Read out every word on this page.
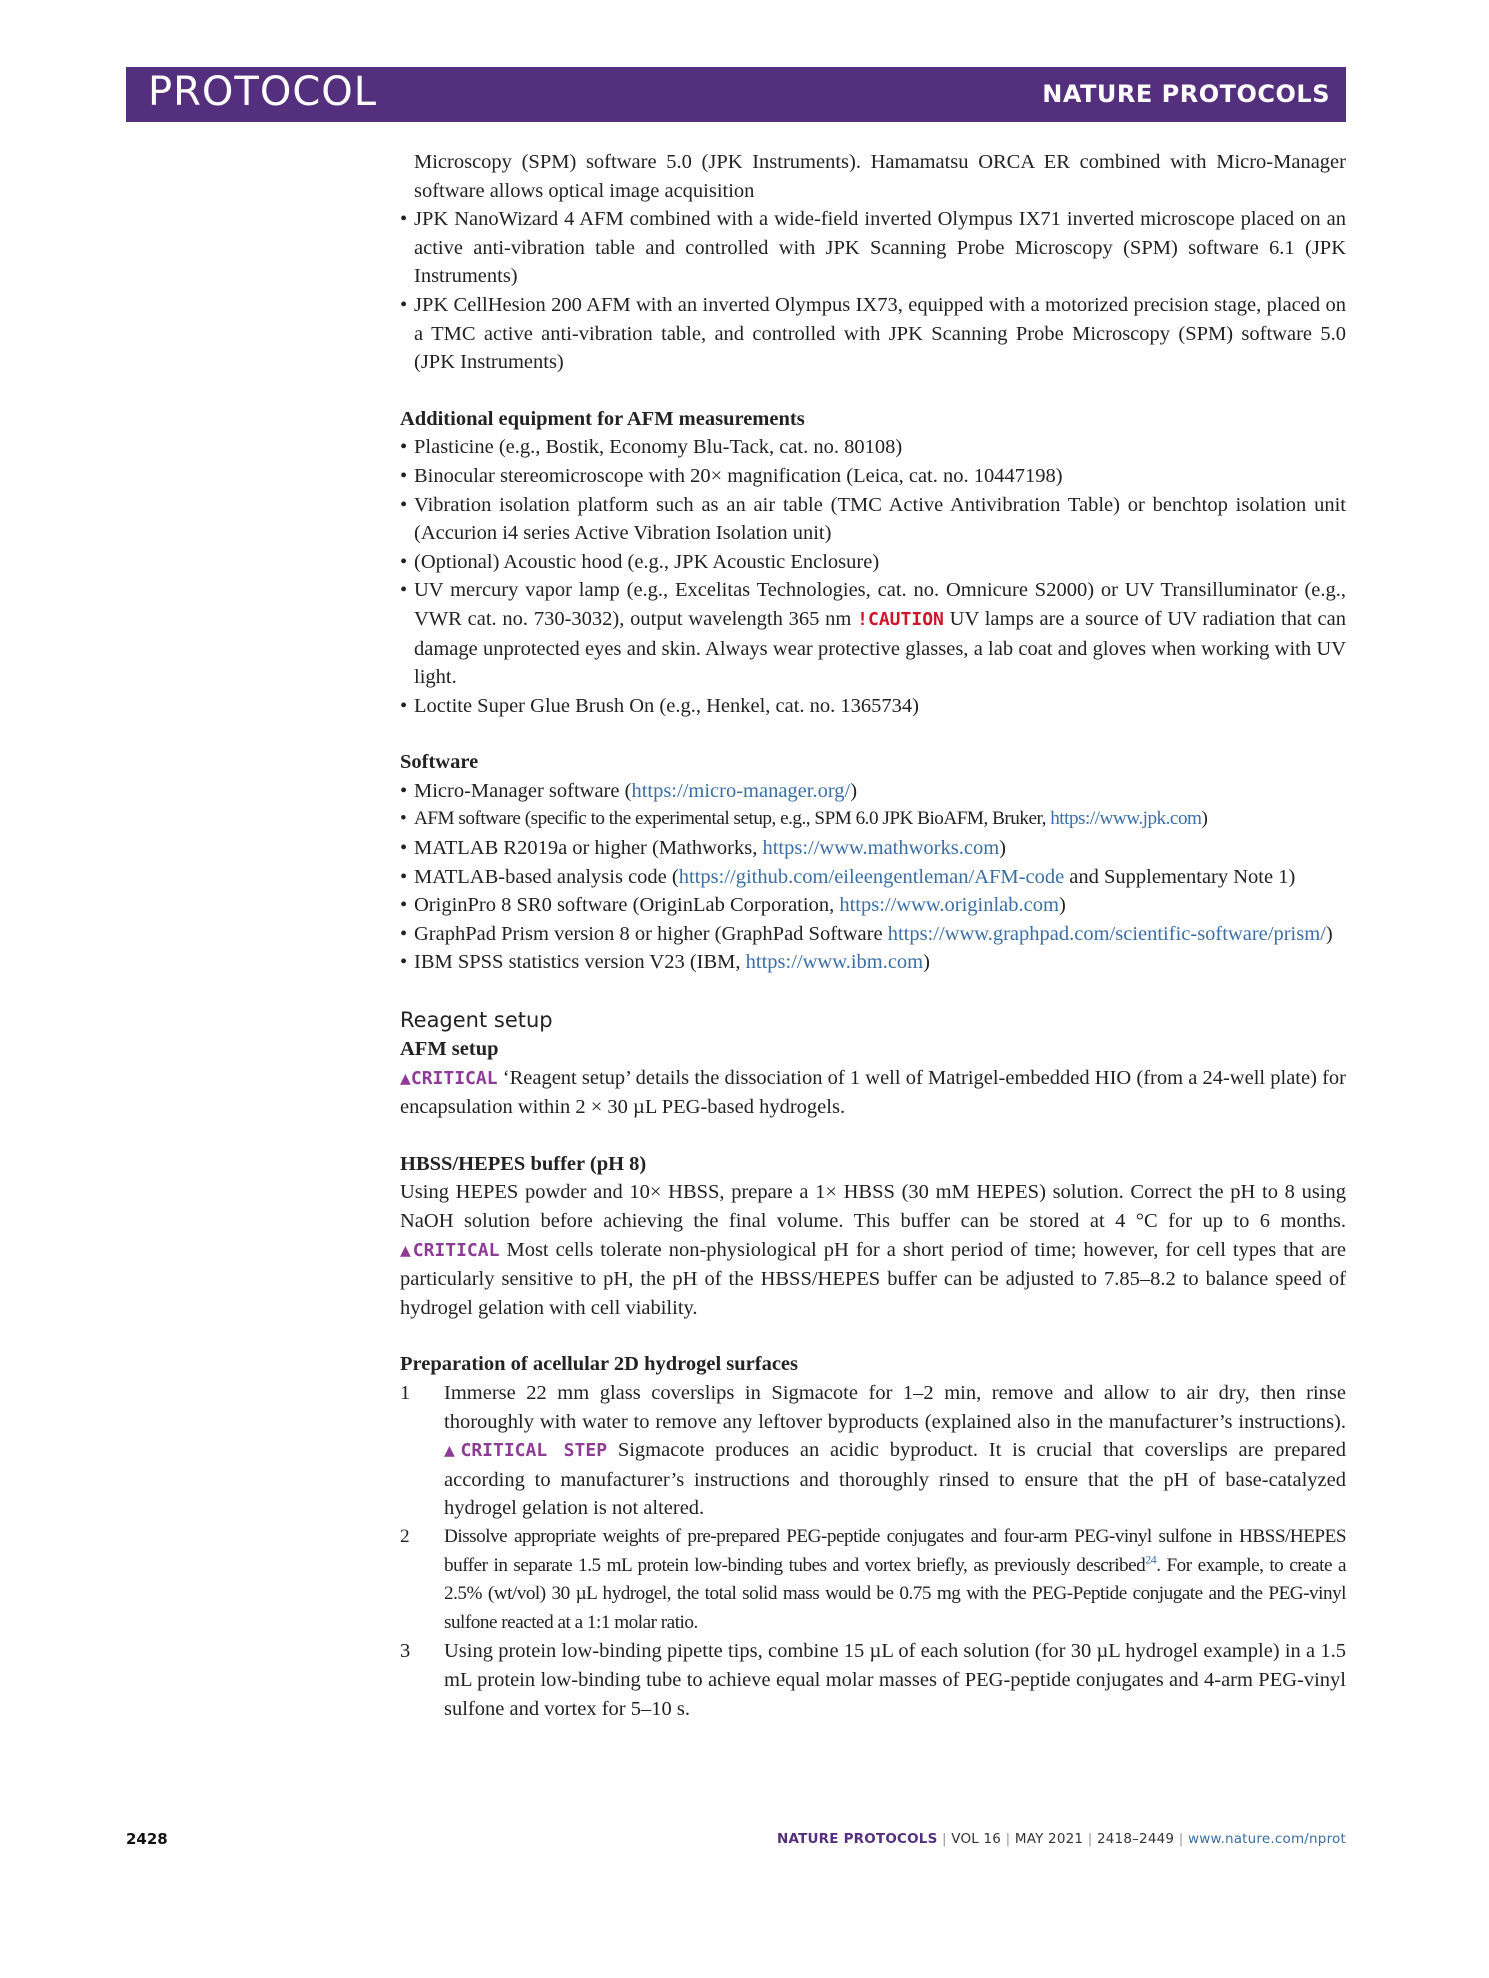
PROTOCOL	NATURE PROTOCOLS

Microscopy (SPM) software 5.0 (JPK Instruments). Hamamatsu ORCA ER combined with Micro-Manager software allows optical image acquisition

• JPK NanoWizard 4 AFM combined with a wide-field inverted Olympus IX71 inverted microscope placed on an active anti-vibration table and controlled with JPK Scanning Probe Microscopy (SPM) software 6.1 (JPK Instruments)

• JPK CellHesion 200 AFM with an inverted Olympus IX73, equipped with a motorized precision stage, placed on a TMC active anti-vibration table, and controlled with JPK Scanning Probe Microscopy (SPM) software 5.0 (JPK Instruments)

Additional equipment for AFM measurements

• Plasticine (e.g., Bostik, Economy Blu-Tack, cat. no. 80108)

• Binocular stereomicroscope with 20× magnification (Leica, cat. no. 10447198)

• Vibration isolation platform such as an air table (TMC Active Antivibration Table) or benchtop isolation unit (Accurion i4 series Active Vibration Isolation unit)

• (Optional) Acoustic hood (e.g., JPK Acoustic Enclosure)

• UV mercury vapor lamp (e.g., Excelitas Technologies, cat. no. Omnicure S2000) or UV Transilluminator (e.g., VWR cat. no. 730-3032), output wavelength 365 nm !CAUTION UV lamps are a source of UV radiation that can damage unprotected eyes and skin. Always wear protective glasses, a lab coat and gloves when working with UV light.

• Loctite Super Glue Brush On (e.g., Henkel, cat. no. 1365734)

Software

• Micro-Manager software (https://micro-manager.org/)

• AFM software (specific to the experimental setup, e.g., SPM 6.0 JPK BioAFM, Bruker, https://www.jpk.com)

• MATLAB R2019a or higher (Mathworks, https://www.mathworks.com)

• MATLAB-based analysis code (https://github.com/eileengentleman/AFM-code and Supplementary Note 1)

• OriginPro 8 SR0 software (OriginLab Corporation, https://www.originlab.com)

• GraphPad Prism version 8 or higher (GraphPad Software https://www.graphpad.com/scientific-software/prism/)

• IBM SPSS statistics version V23 (IBM, https://www.ibm.com)

Reagent setup

AFM setup

▲CRITICAL ‘Reagent setup’ details the dissociation of 1 well of Matrigel-embedded HIO (from a 24-well plate) for encapsulation within 2 × 30 µL PEG-based hydrogels.

HBSS/HEPES buffer (pH 8)

Using HEPES powder and 10× HBSS, prepare a 1× HBSS (30 mM HEPES) solution. Correct the pH to 8 using NaOH solution before achieving the final volume. This buffer can be stored at 4 °C for up to 6 months. ▲CRITICAL Most cells tolerate non-physiological pH for a short period of time; however, for cell types that are particularly sensitive to pH, the pH of the HBSS/HEPES buffer can be adjusted to 7.85–8.2 to balance speed of hydrogel gelation with cell viability.

Preparation of acellular 2D hydrogel surfaces

1 Immerse 22 mm glass coverslips in Sigmacote for 1–2 min, remove and allow to air dry, then rinse thoroughly with water to remove any leftover byproducts (explained also in the manufacturer’s instructions). ▲CRITICAL STEP Sigmacote produces an acidic byproduct. It is crucial that coverslips are prepared according to manufacturer’s instructions and thoroughly rinsed to ensure that the pH of base-catalyzed hydrogel gelation is not altered.

2 Dissolve appropriate weights of pre-prepared PEG-peptide conjugates and four-arm PEG-vinyl sulfone in HBSS/HEPES buffer in separate 1.5 mL protein low-binding tubes and vortex briefly, as previously described$^{24}$. For example, to create a 2.5% (wt/vol) 30 µL hydrogel, the total solid mass would be 0.75 mg with the PEG-Peptide conjugate and the PEG-vinyl sulfone reacted at a 1:1 molar ratio.

3 Using protein low-binding pipette tips, combine 15 µL of each solution (for 30 µL hydrogel example) in a 1.5 mL protein low-binding tube to achieve equal molar masses of PEG-peptide conjugates and 4-arm PEG-vinyl sulfone and vortex for 5–10 s.

2428	NATURE PROTOCOLS | VOL 16 | MAY 2021 | 2418–2449 | www.nature.com/nprot
